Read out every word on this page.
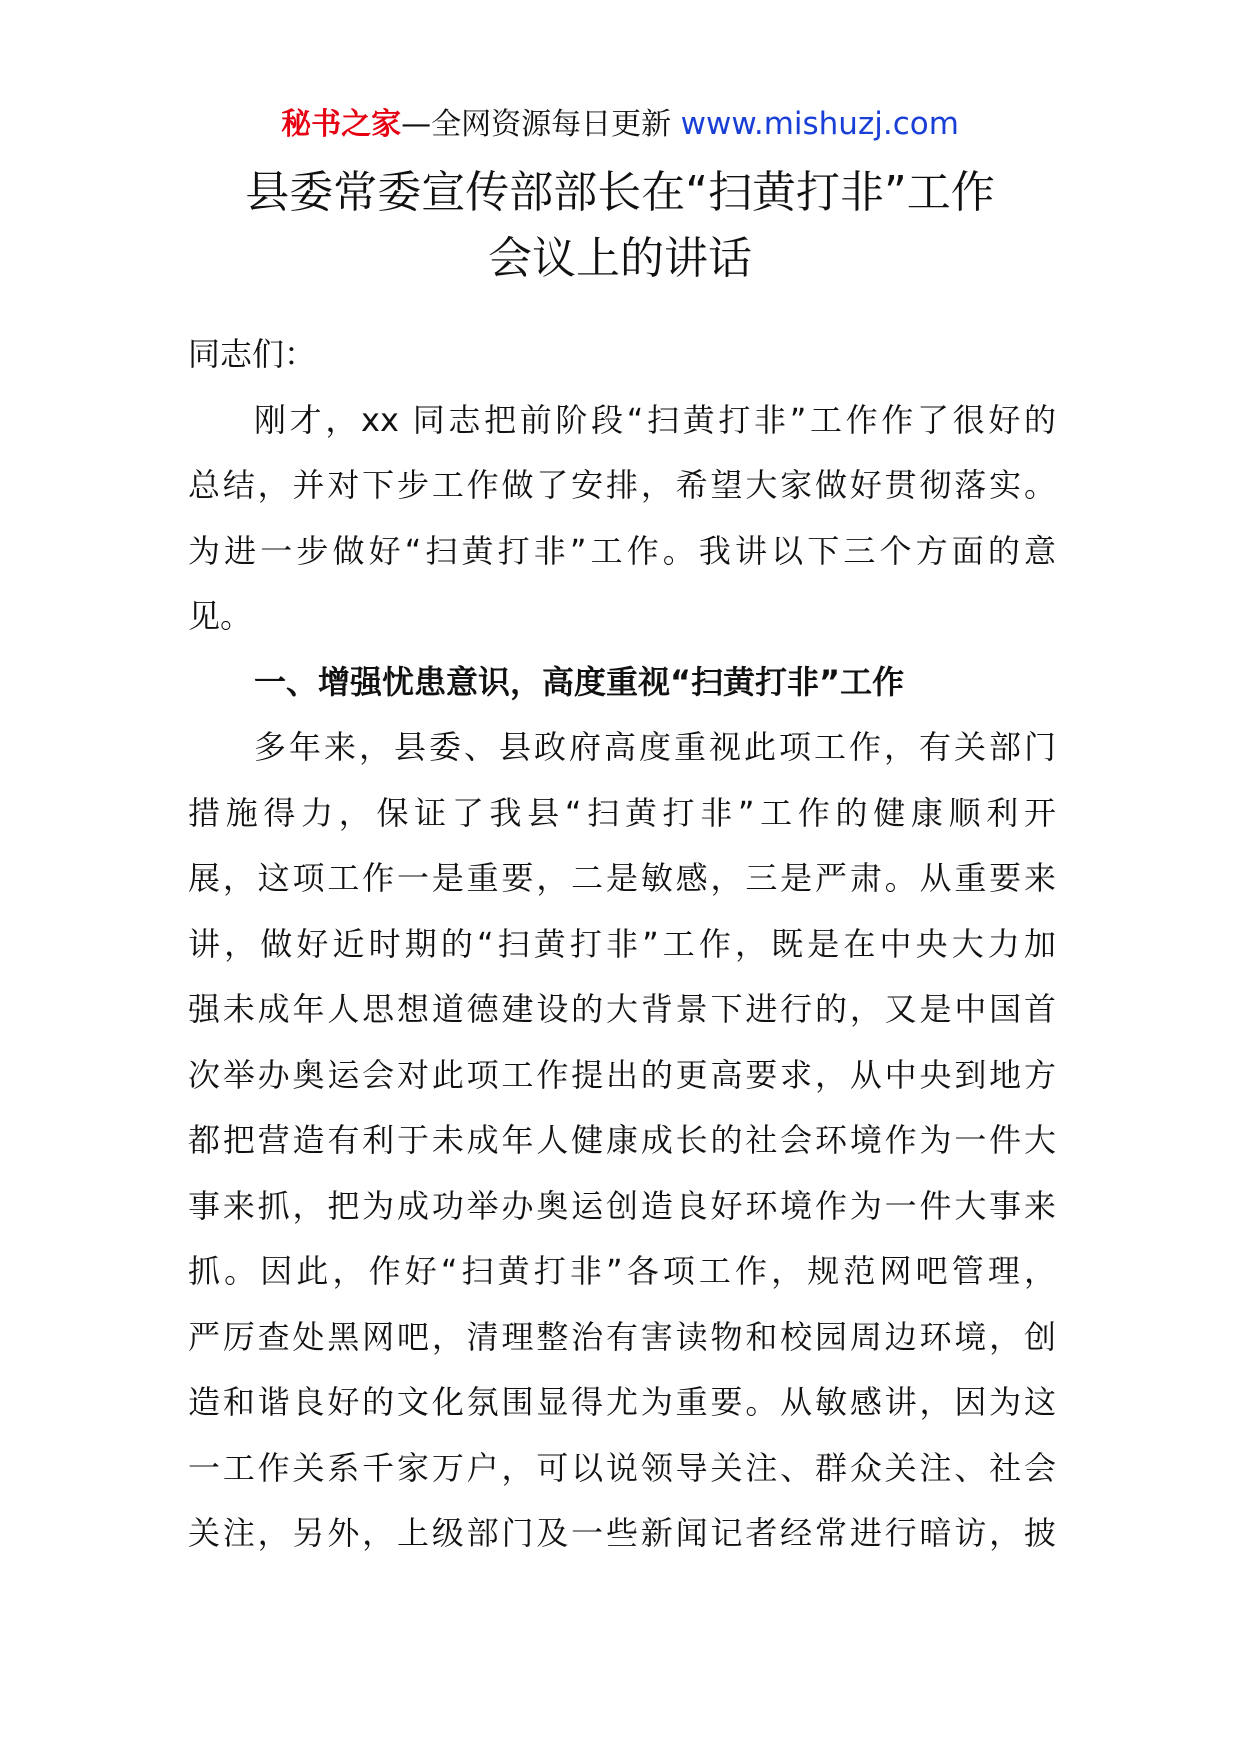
秘书之家—全网资源每日更新 www.mishuzj.com
县委常委宣传部部长在“扫黄打非”工作
会议上的讲话
同志们：
刚才，xx 同志把前阶段“扫黄打非”工作作了很好的
总结，并对下步工作做了安排，希望大家做好贯彻落实。
为进一步做好“扫黄打非”工作。我讲以下三个方面的意
见。
一、增强忧患意识，高度重视“扫黄打非”工作
多年来，县委、县政府高度重视此项工作，有关部门
措施得力，保证了我县“扫黄打非”工作的健康顺利开
展，这项工作一是重要，二是敏感，三是严肃。从重要来
讲，做好近时期的“扫黄打非”工作，既是在中央大力加
强未成年人思想道德建设的大背景下进行的，又是中国首
次举办奥运会对此项工作提出的更高要求，从中央到地方
都把营造有利于未成年人健康成长的社会环境作为一件大
事来抓，把为成功举办奥运创造良好环境作为一件大事来
抓。因此，作好“扫黄打非”各项工作，规范网吧管理，
严厉查处黑网吧，清理整治有害读物和校园周边环境，创
造和谐良好的文化氛围显得尤为重要。从敏感讲，因为这
一工作关系千家万户，可以说领导关注、群众关注、社会
关注，另外，上级部门及一些新闻记者经常进行暗访，披
